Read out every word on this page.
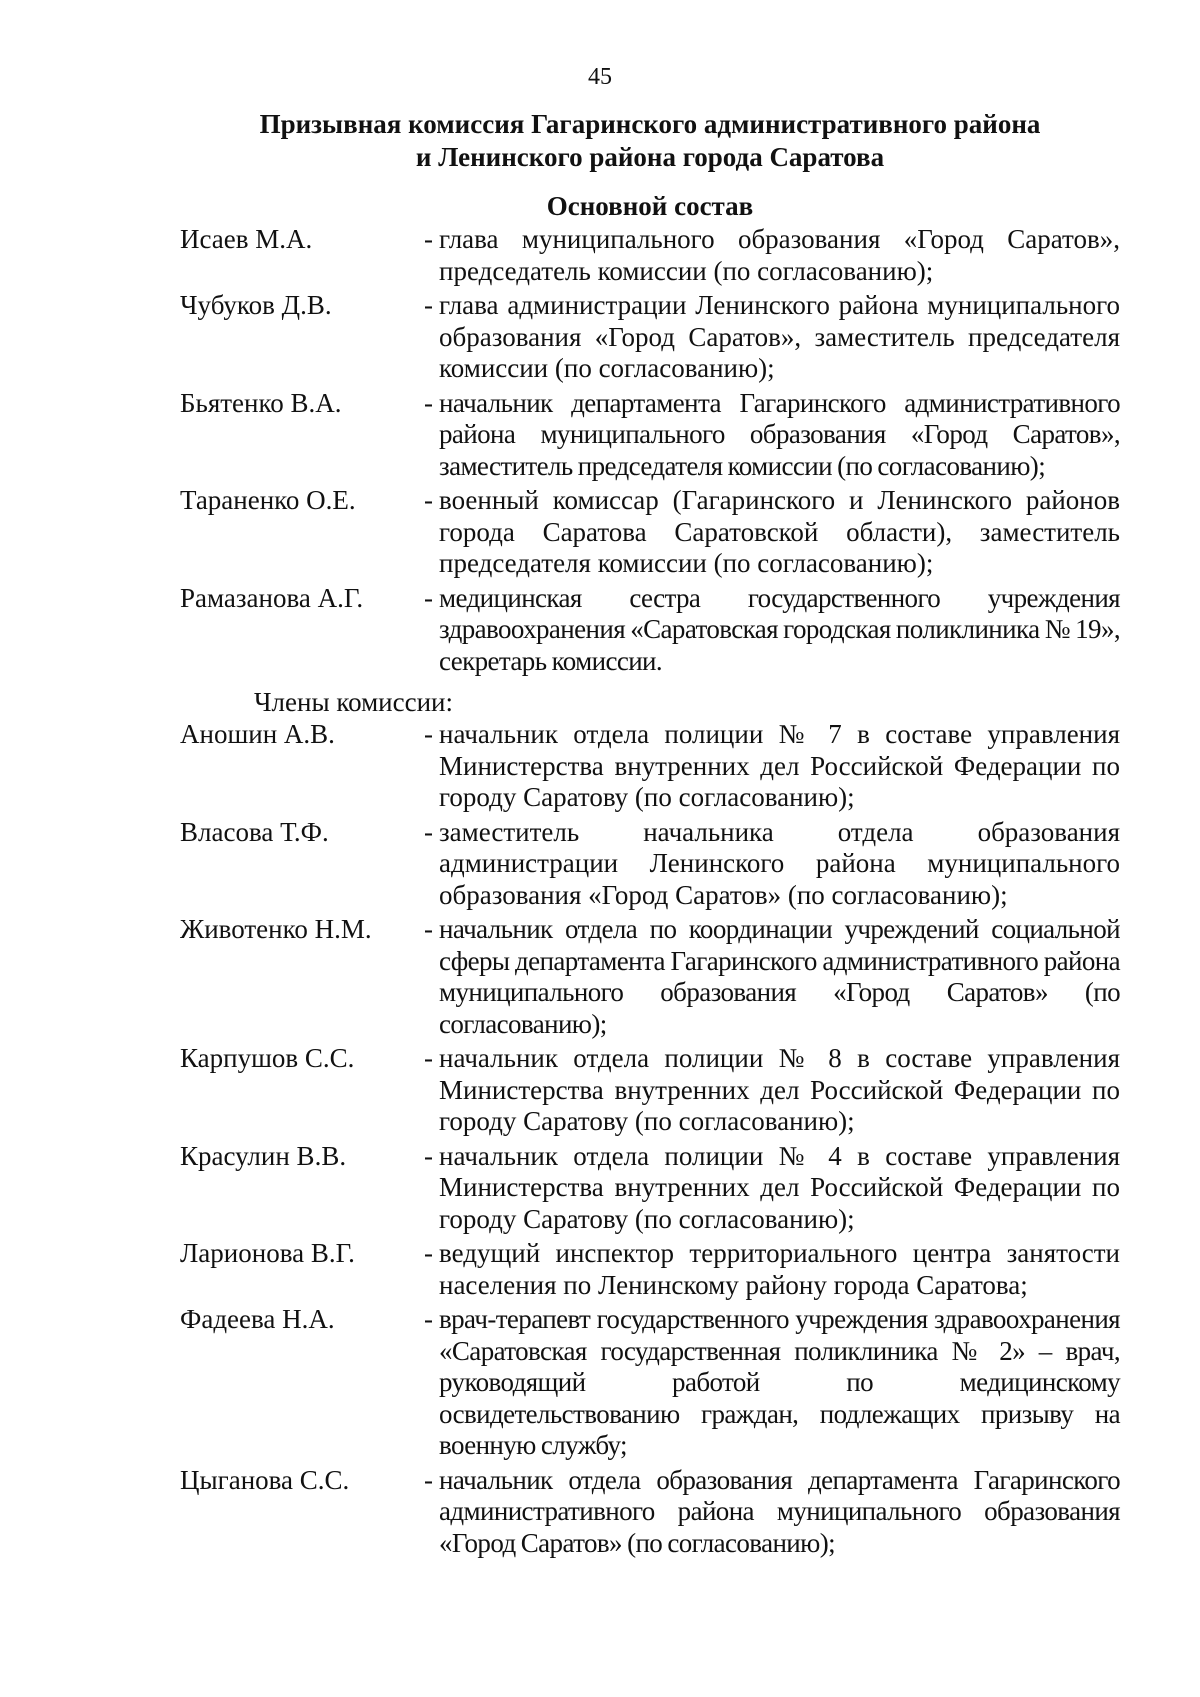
45
Призывная комиссия Гагаринского административного района
и Ленинского района города Саратова
Основной состав
Исаев М.А.	- глава муниципального образования «Город Саратов», председатель комиссии (по согласованию);
Чубуков Д.В.	- глава администрации Ленинского района муниципального образования «Город Саратов», заместитель председателя комиссии (по согласованию);
Бьятенко В.А.	- начальник департамента Гагаринского административного района муниципального образования «Город Саратов», заместитель председателя комиссии (по согласованию);
Тараненко О.Е.	- военный комиссар (Гагаринского и Ленинского районов города Саратова Саратовской области), заместитель председателя комиссии (по согласованию);
Рамазанова А.Г.	- медицинская сестра государственного учреждения здравоохранения «Саратовская городская поликлиника № 19», секретарь комиссии.
Члены комиссии:
Аношин А.В.	- начальник отдела полиции № 7 в составе управления Министерства внутренних дел Российской Федерации по городу Саратову (по согласованию);
Власова Т.Ф.	- заместитель начальника отдела образования администрации Ленинского района муниципального образования «Город Саратов» (по согласованию);
Животенко Н.М.	- начальник отдела по координации учреждений социальной сферы департамента Гагаринского административного района муниципального образования «Город Саратов» (по согласованию);
Карпушов С.С.	- начальник отдела полиции № 8 в составе управления Министерства внутренних дел Российской Федерации по городу Саратову (по согласованию);
Красулин В.В.	- начальник отдела полиции № 4 в составе управления Министерства внутренних дел Российской Федерации по городу Саратову (по согласованию);
Ларионова В.Г.	- ведущий инспектор территориального центра занятости населения по Ленинскому району города Саратова;
Фадеева Н.А.	- врач-терапевт государственного учреждения здравоохранения «Саратовская государственная поликлиника № 2» – врач, руководящий работой по медицинскому освидетельствованию граждан, подлежащих призыву на военную службу;
Цыганова С.С.	- начальник отдела образования департамента Гагаринского административного района муниципального образования «Город Саратов» (по согласованию);
